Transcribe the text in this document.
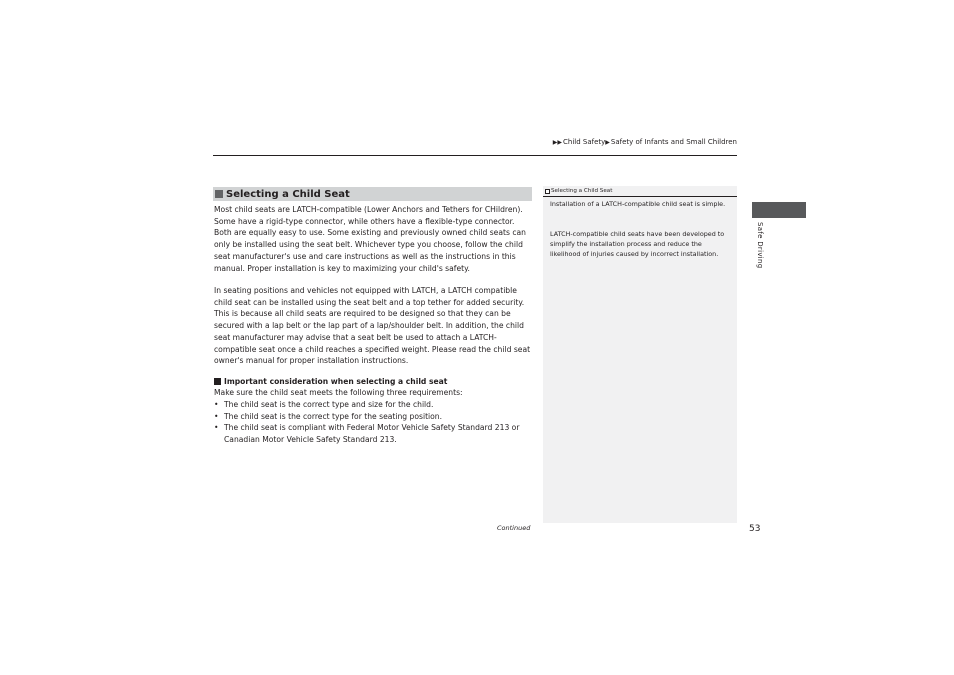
▶▶Child Safety▶Safety of Infants and Small Children
Selecting a Child Seat
Most child seats are LATCH-compatible (Lower Anchors and Tethers for CHildren). Some have a rigid-type connector, while others have a flexible-type connector. Both are equally easy to use. Some existing and previously owned child seats can only be installed using the seat belt. Whichever type you choose, follow the child seat manufacturer's use and care instructions as well as the instructions in this manual. Proper installation is key to maximizing your child's safety.
In seating positions and vehicles not equipped with LATCH, a LATCH compatible child seat can be installed using the seat belt and a top tether for added security. This is because all child seats are required to be designed so that they can be secured with a lap belt or the lap part of a lap/shoulder belt. In addition, the child seat manufacturer may advise that a seat belt be used to attach a LATCH-compatible seat once a child reaches a specified weight. Please read the child seat owner's manual for proper installation instructions.
Important consideration when selecting a child seat
Make sure the child seat meets the following three requirements:
• The child seat is the correct type and size for the child.
• The child seat is the correct type for the seating position.
• The child seat is compliant with Federal Motor Vehicle Safety Standard 213 or Canadian Motor Vehicle Safety Standard 213.
Continued
Selecting a Child Seat
Installation of a LATCH-compatible child seat is simple.
LATCH-compatible child seats have been developed to simplify the installation process and reduce the likelihood of injuries caused by incorrect installation.	Safe Driving
53
